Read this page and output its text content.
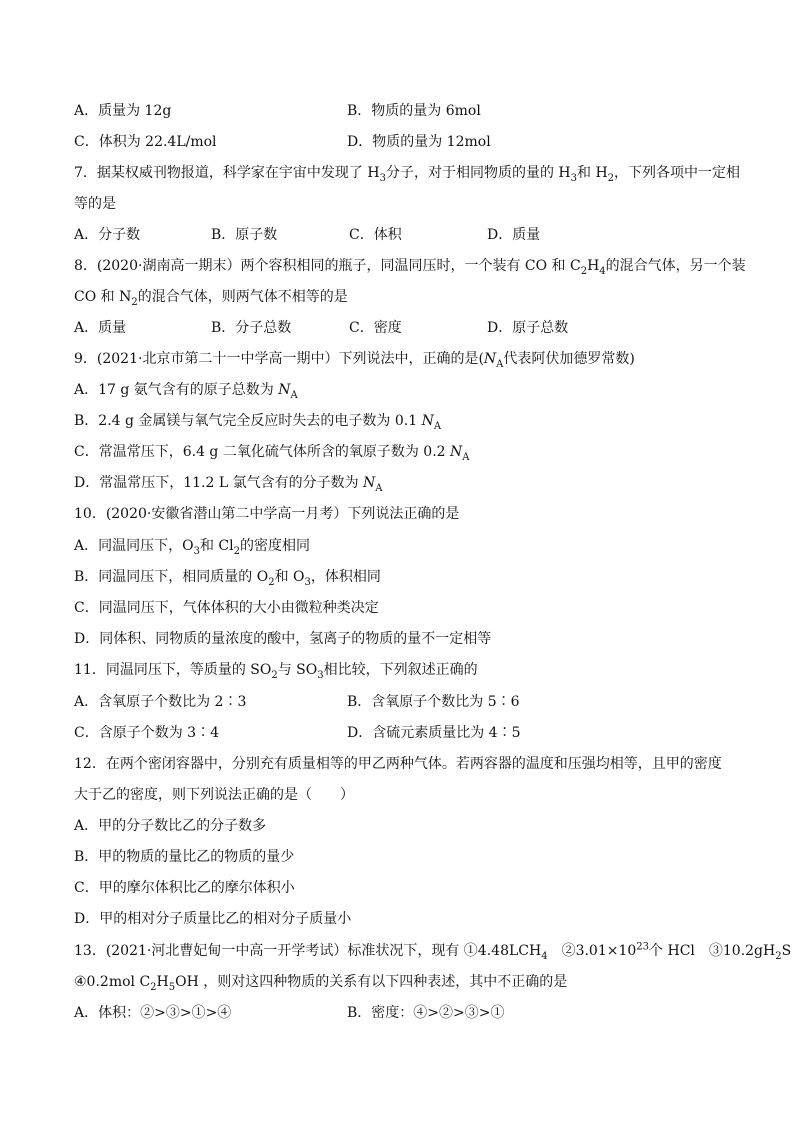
A．质量为 12g	B．物质的量为 6mol
C．体积为 22.4L/mol	D．物质的量为 12mol
7．据某权威刊物报道，科学家在宇宙中发现了 $H_3$分子，对于相同物质的量的 $H_3$和 $H_2$，下列各项中一定相
等的是
A．分子数	B．原子数	C．体积	D．质量
8．(2020·湖南高一期末）两个容积相同的瓶子，同温同压时，一个装有 CO 和 $C_2H_4$的混合气体，另一个装
CO 和 $N_2$的混合气体，则两气体不相等的是
A．质量	B．分子总数	C．密度	D．原子总数
9．(2021·北京市第二十一中学高一期中）下列说法中，正确的是($N_A$代表阿伏加德罗常数)
A．17 g 氨气含有的原子总数为 $N_A$
B．2.4 g 金属镁与氧气完全反应时失去的电子数为 0.1 $N_A$
C．常温常压下，6.4 g 二氧化硫气体所含的氧原子数为 0.2 $N_A$
D．常温常压下，11.2 L 氯气含有的分子数为 $N_A$
10．(2020·安徽省潜山第二中学高一月考）下列说法正确的是
A．同温同压下，$O_3$和 $Cl_2$的密度相同
B．同温同压下，相同质量的 $O_2$和 $O_3$，体积相同
C．同温同压下，气体体积的大小由微粒种类决定
D．同体积、同物质的量浓度的酸中，氢离子的物质的量不一定相等
11．同温同压下，等质量的 $SO_2$与 $SO_3$相比较，下列叙述正确的
A．含氧原子个数比为 2∶3	B．含氧原子个数比为 5∶6
C．含原子个数为 3∶4	D．含硫元素质量比为 4∶5
12．在两个密闭容器中，分别充有质量相等的甲乙两种气体。若两容器的温度和压强均相等，且甲的密度
大于乙的密度，则下列说法正确的是（　　）
A．甲的分子数比乙的分子数多
B．甲的物质的量比乙的物质的量少
C．甲的摩尔体积比乙的摩尔体积小
D．甲的相对分子质量比乙的相对分子质量小
13．(2021·河北曹妃甸一中高一开学考试）标准状况下，现有 $①4.48LCH_4$　$②3.01\times 10^{23}$个 HCl　$③10.2gH_2S$
④0.2mol $C_2H_5OH$ ，则对这四种物质的关系有以下四种表述，其中不正确的是
A．体积：②>③>①>④	B．密度：④>②>③>①
